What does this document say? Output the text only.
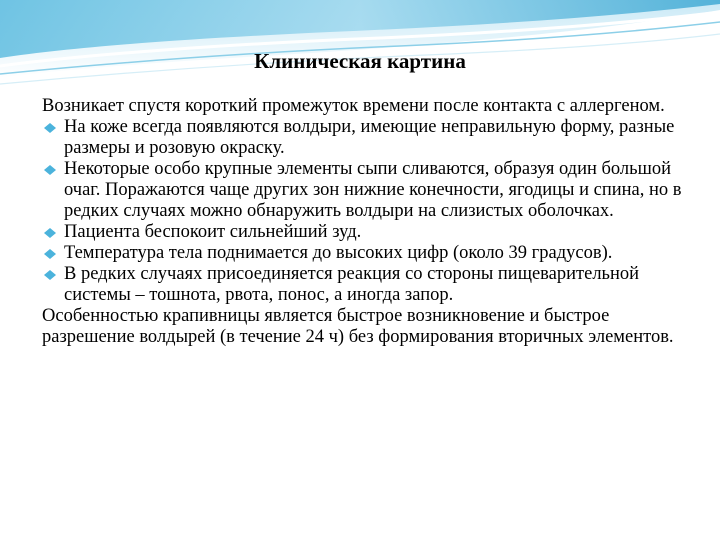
Клиническая картина

Возникает спустя короткий промежуток времени после контакта с аллергеном.

На коже всегда появляются волдыри, имеющие неправильную форму, разные размеры и розовую окраску.
Некоторые особо крупные элементы сыпи сливаются, образуя один большой очаг. Поражаются чаще других зон нижние конечности, ягодицы и спина, но в редких случаях можно обнаружить волдыри на слизистых оболочках.
Пациента беспокоит сильнейший зуд.
Температура тела поднимается до высоких цифр (около 39 градусов).
В редких случаях присоединяется реакция со стороны пищеварительной системы – тошнота, рвота, понос, а иногда запор.

Особенностью крапивницы является быстрое возникновение и быстрое разрешение волдырей (в течение 24 ч) без формирования вторичных элементов.
